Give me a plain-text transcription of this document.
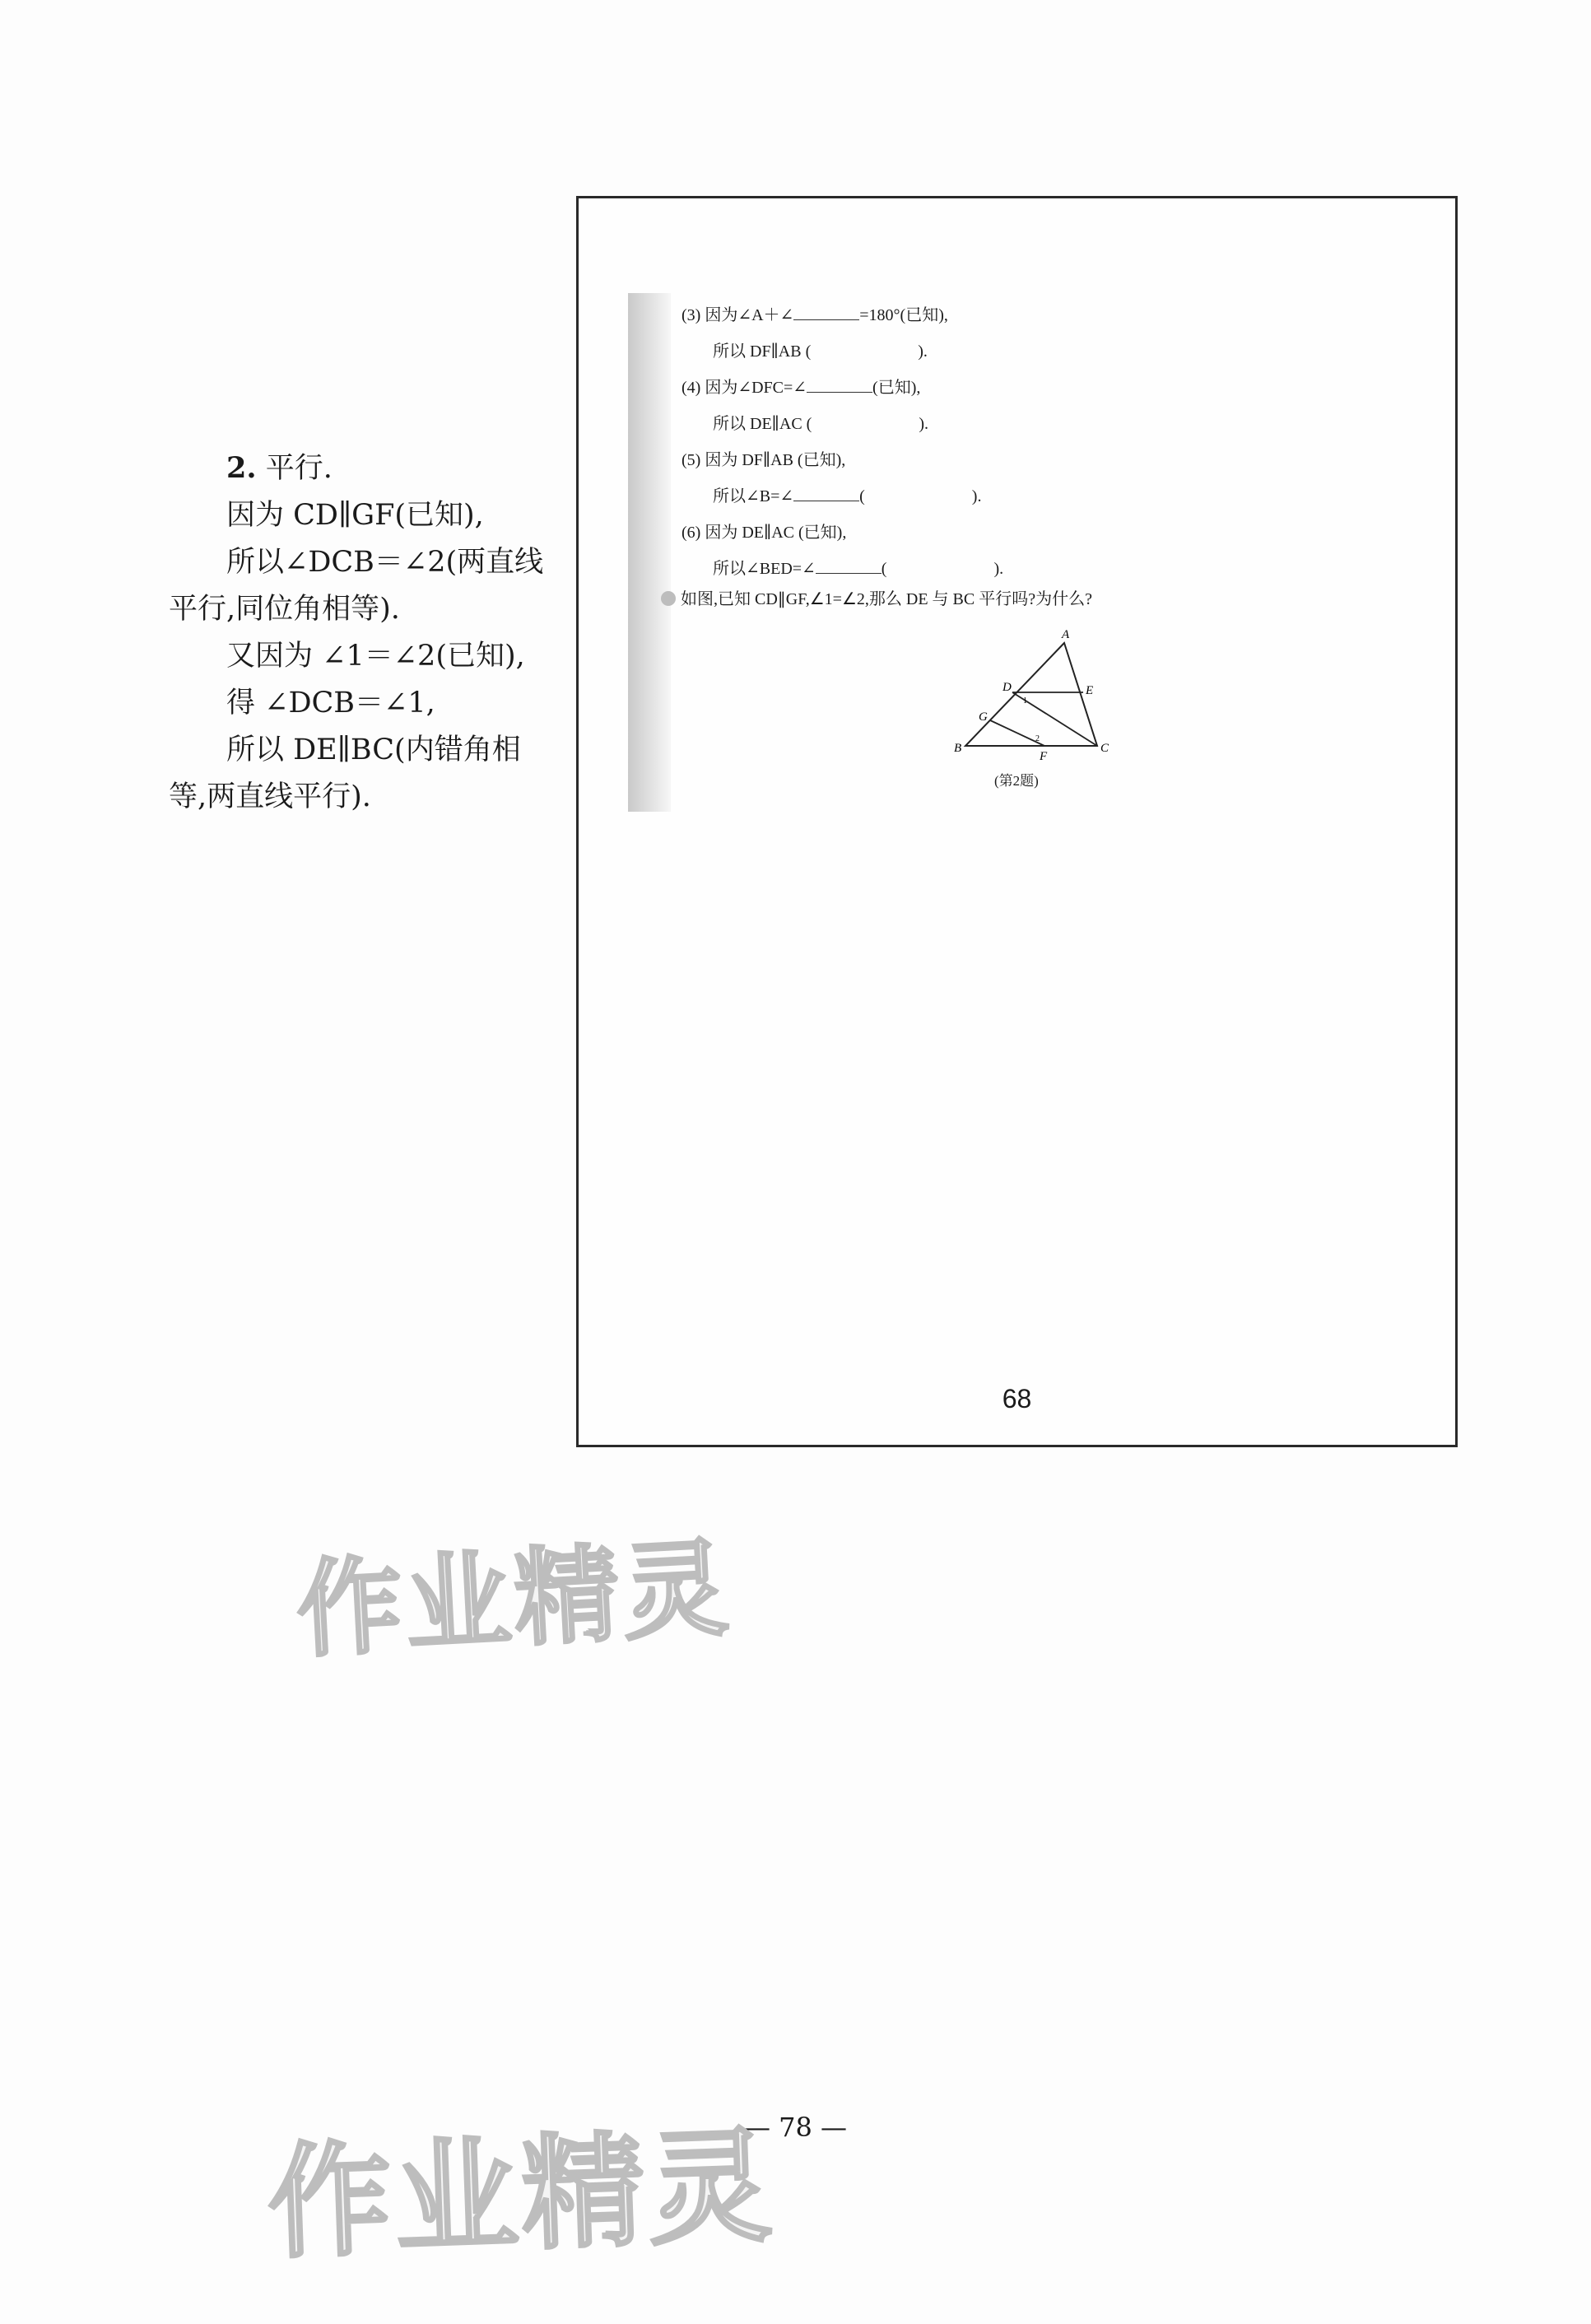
2. 平行.

因为 CD∥GF(已知),

所以∠DCB＝∠2(两直线

平行,同位角相等).

又因为 ∠1＝∠2(已知),

得 ∠DCB＝∠1,

所以 DE∥BC(内错角相

等,两直线平行).

(3) 因为∠A＋∠	=180°(已知),

所以 DF∥AB (                          ).

(4) 因为∠DFC=∠	(已知),

所以 DE∥AC (                          ).

(5) 因为 DF∥AB (已知),

所以∠B=∠	(                          ).

(6) 因为 DE∥AC (已知),

所以∠BED=∠	(                          ).

如图,已知 CD∥GF,∠1=∠2,那么 DE 与 BC 平行吗?为什么?
A
B	C
D	E
F
G
1
2
(第2题)
68
作业精灵
— 78 —
作业精灵
